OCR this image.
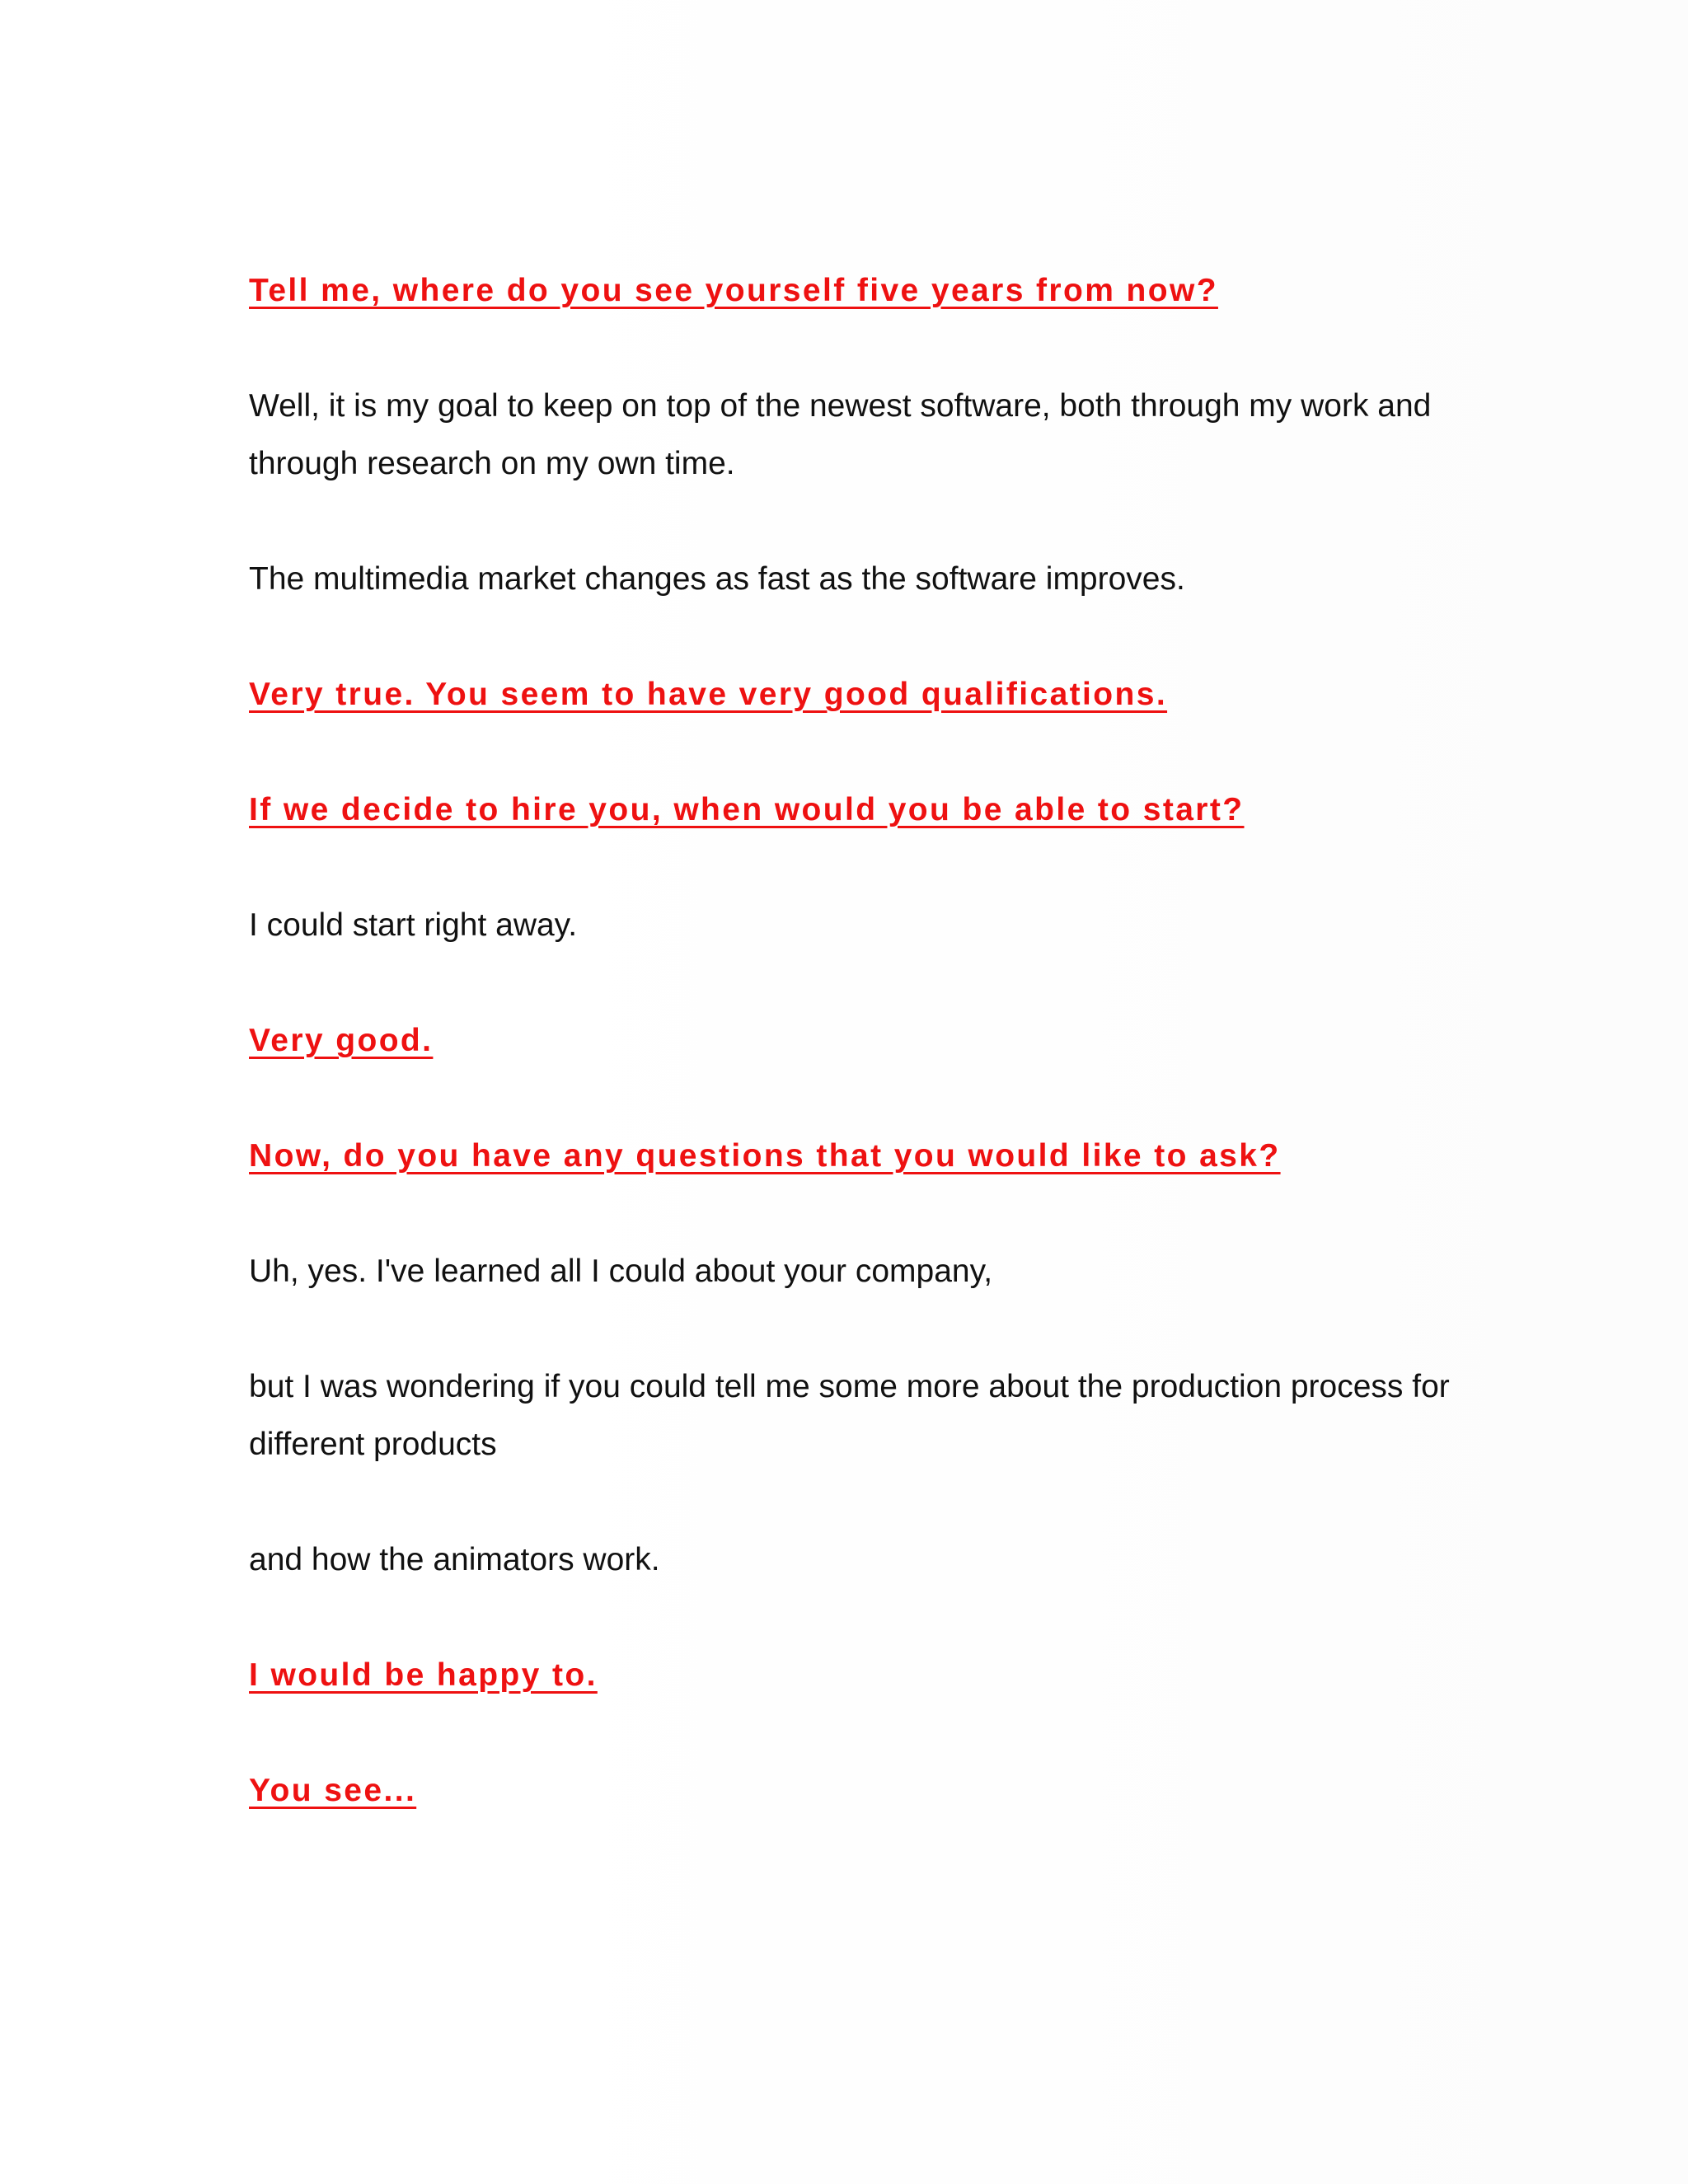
Tell me, where do you see yourself five years from now?

Well, it is my goal to keep on top of the newest software, both through my work and through research on my own time.

The multimedia market changes as fast as the software improves.

Very true. You seem to have very good qualifications.

If we decide to hire you, when would you be able to start?

I could start right away.

Very good.

Now, do you have any questions that you would like to ask?

Uh, yes. I've learned all I could about your company,

but I was wondering if you could tell me some more about the production process for different products

and how the animators work.

I would be happy to.

You see...
